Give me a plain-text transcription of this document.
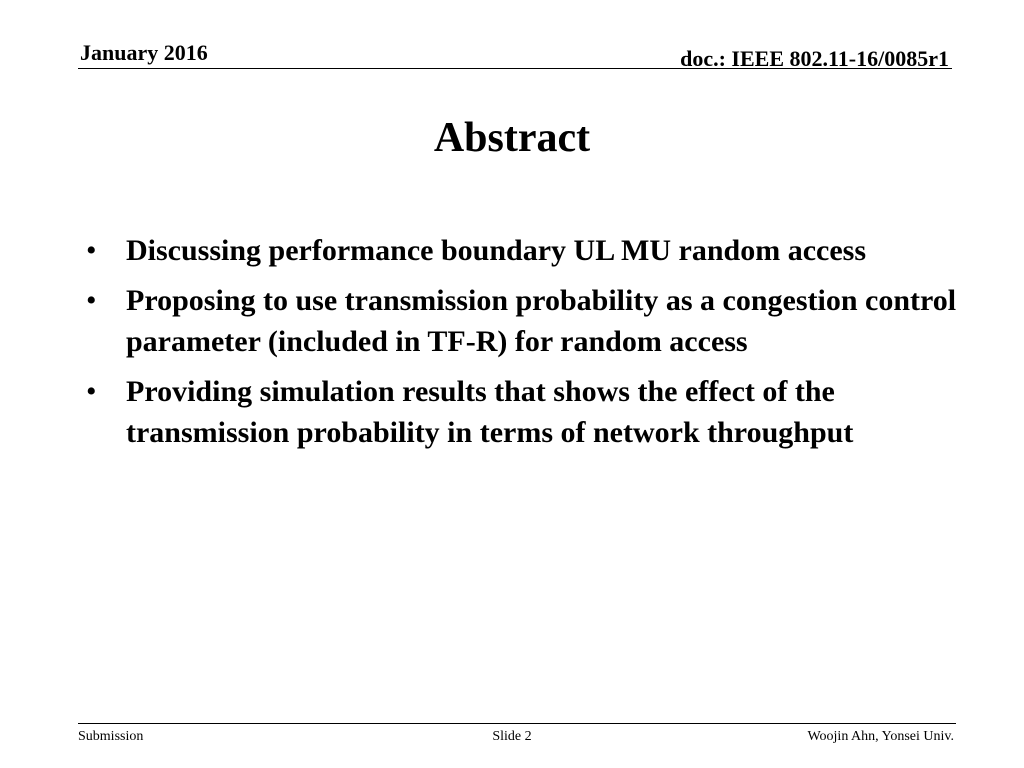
January 2016	doc.: IEEE 802.11-16/0085r1
Abstract
• Discussing performance boundary UL MU random access
• Proposing to use transmission probability as a congestion control parameter (included in TF-R) for random access
• Providing simulation results that shows the effect of the transmission probability in terms of network throughput
Submission	Slide 2	Woojin Ahn, Yonsei Univ.
